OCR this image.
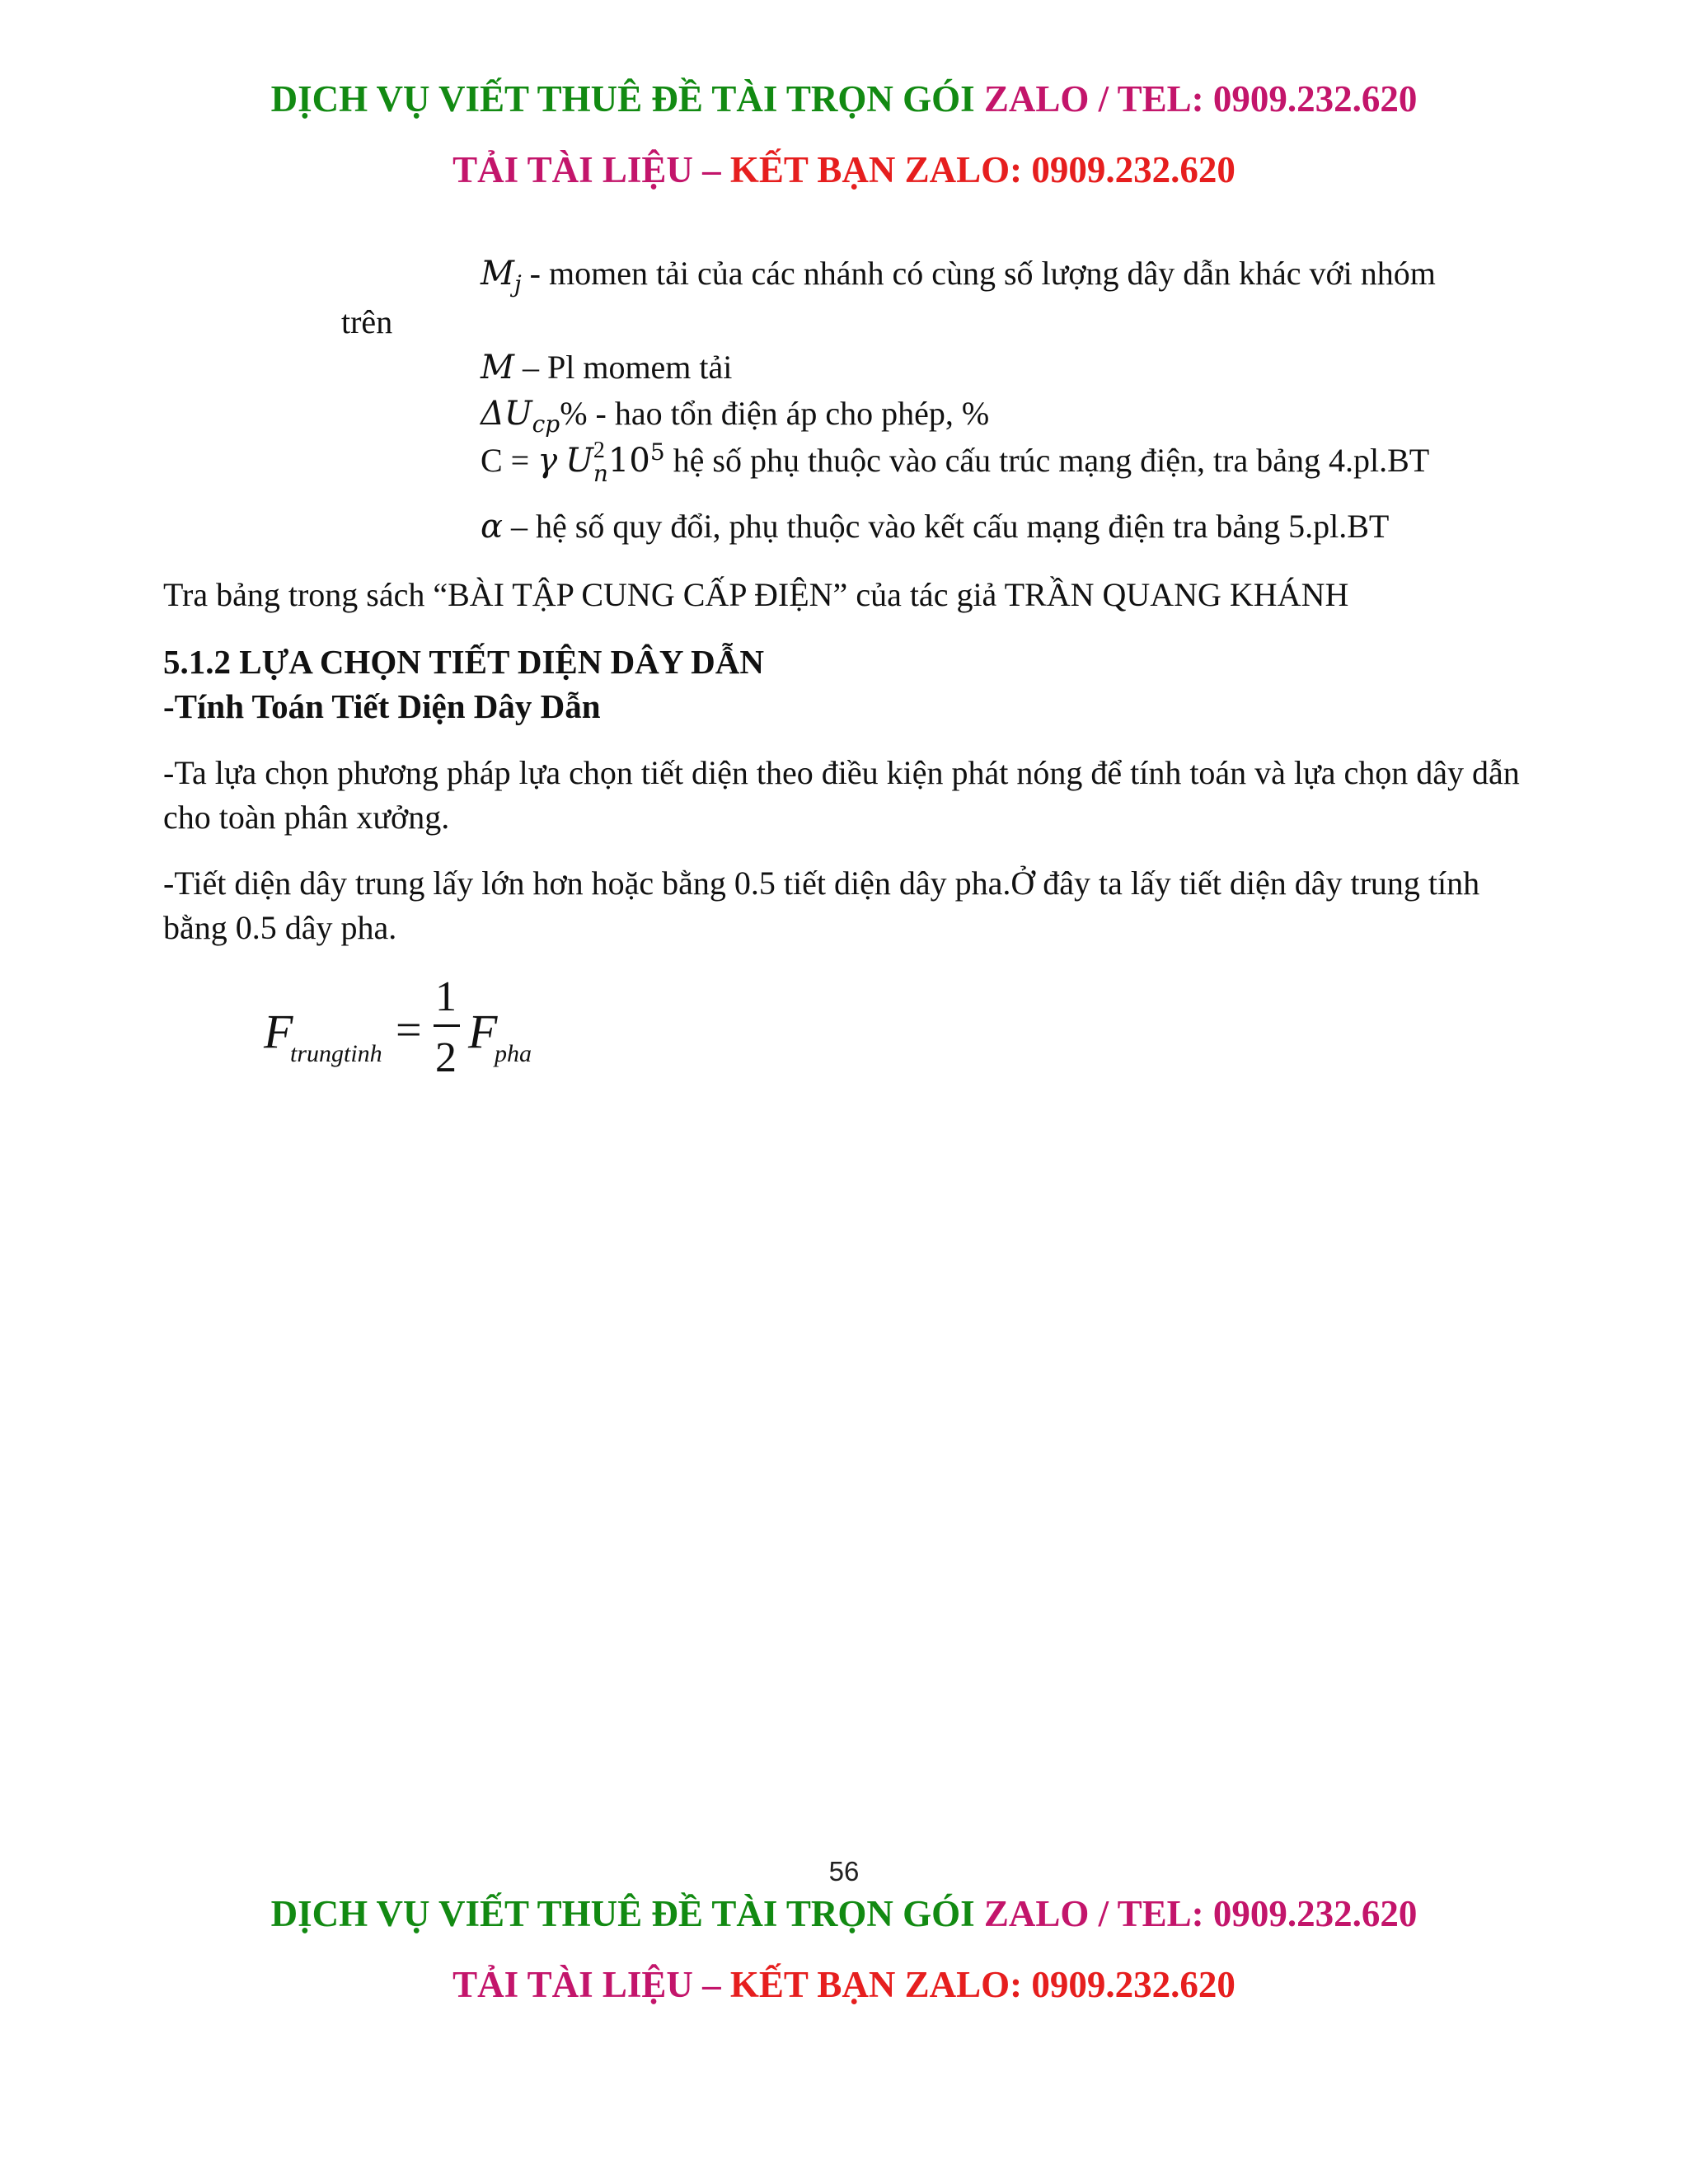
DỊCH VỤ VIẾT THUÊ ĐỀ TÀI TRỌN GÓI ZALO / TEL: 0909.232.620
TẢI TÀI LIỆU – KẾT BẠN ZALO: 0909.232.620
$M_j$ - momen tải của các nhánh có cùng số lượng dây dẫn khác với nhóm
trên
M – Pl momem tải
$\Delta U_{cp}\%$ - hao tổn điện áp cho phép, %
C = γ U 2
n $10^5$ hệ số phụ thuộc vào cấu trúc mạng điện, tra bảng 4.pl.BT
α – hệ số quy đổi, phụ thuộc vào kết cấu mạng điện tra bảng 5.pl.BT
Tra bảng trong sách “BÀI TẬP CUNG CẤP ĐIỆN” của tác giả TRẦN QUANG KHÁNH
5.1.2 LỰA CHỌN TIẾT DIỆN DÂY DẪN
-Tính Toán Tiết Diện Dây Dẫn
-Ta lựa chọn phương pháp lựa chọn tiết diện theo điều kiện phát nóng để tính toán và lựa chọn dây dẫn cho toàn phân xưởng.
-Tiết diện dây trung lấy lớn hơn hoặc bằng 0.5 tiết diện dây pha.Ở đây ta lấy tiết diện dây trung tính bằng 0.5 dây pha.
F
trungtinh =
1
2 F
pha
56
DỊCH VỤ VIẾT THUÊ ĐỀ TÀI TRỌN GÓI ZALO / TEL: 0909.232.620
TẢI TÀI LIỆU – KẾT BẠN ZALO: 0909.232.620
